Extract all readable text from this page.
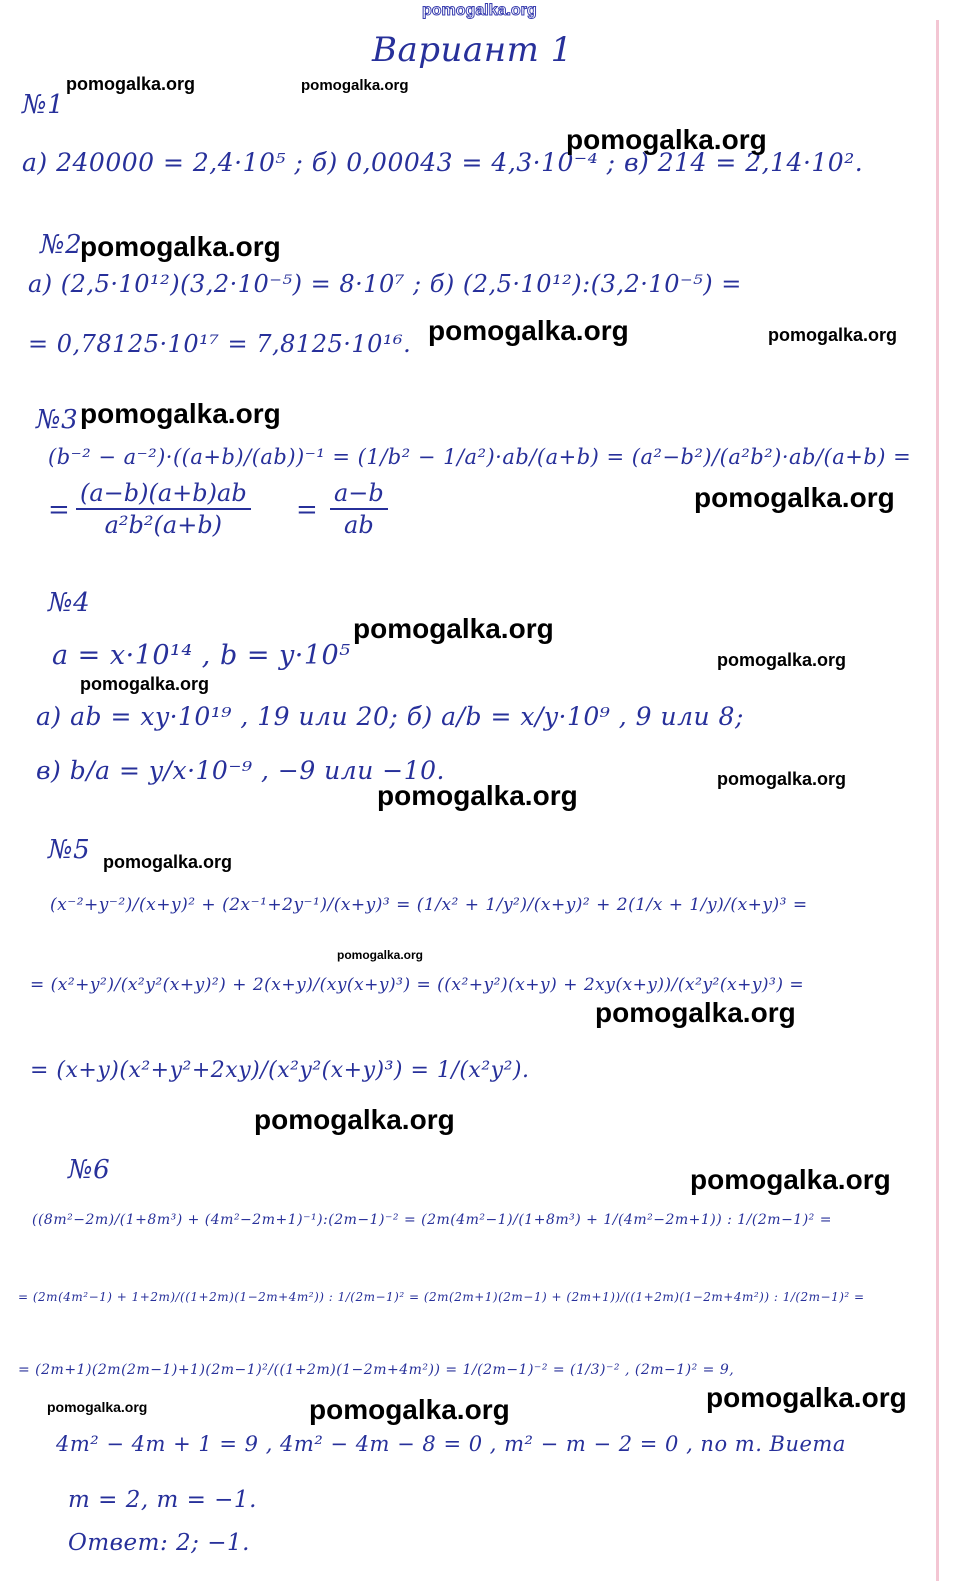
pomogalka.org
Вариант 1
№1
а) 240000 = 2,4·10⁵ ; б) 0,00043 = 4,3·10⁻⁴ ; в) 214 = 2,14·10².
№2
а) (2,5·10¹²)(3,2·10⁻⁵) = 8·10⁷ ; б) (2,5·10¹²):(3,2·10⁻⁵) =
= 0,78125·10¹⁷ = 7,8125·10¹⁶.
№3
(b⁻² − a⁻²)·((a+b)/(ab))⁻¹ = (1/b² − 1/a²)·ab/(a+b) = (a²−b²)/(a²b²)·ab/(a+b) =
= $\frac{(a-b)(a+b)ab}{\text{a²b²(a+b)}} = \frac{a-b}{ab}$
№4
a = x·10¹⁴ , b = y·10⁵
а) ab = xy·10¹⁹ , 19 или 20; б) a/b = x/y·10⁹ , 9 или 8;
в) b/a = y/x·10⁻⁹ , −9 или −10.
№5
(x⁻²+y⁻²)/(x+y)² + (2x⁻¹+2y⁻¹)/(x+y)³ = (1/x² + 1/y²)/(x+y)² + 2(1/x + 1/y)/(x+y)³ =
= (x²+y²)/(x²y²(x+y)²) + 2(x+y)/(xy(x+y)³) = ((x²+y²)(x+y) + 2xy(x+y))/(x²y²(x+y)³) =
= (x+y)(x²+y²+2xy)/(x²y²(x+y)³) = 1/(x²y²).
№6
((8m²−2m)/(1+8m³) + (4m²−2m+1)⁻¹):(2m−1)⁻² = (2m(4m²−1)/(1+8m³) + 1/(4m²−2m+1)) : 1/(2m−1)² =
= (2m(4m²−1) + 1+2m)/((1+2m)(1−2m+4m²)) : 1/(2m−1)² = (2m(2m+1)(2m−1) + (2m+1))/((1+2m)(1−2m+4m²)) : 1/(2m−1)² =
= (2m+1)(2m(2m−1)+1)(2m−1)²/((1+2m)(1−2m+4m²)) = 1/(2m−1)⁻² = (1/3)⁻² , (2m−1)² = 9,
4m² − 4m + 1 = 9 , 4m² − 4m − 8 = 0 , m² − m − 2 = 0 , по т. Виета
m = 2, m = −1.
Ответ: 2; −1.
pomogalka.org	pomogalka.org
pomogalka.org
pomogalka.org
pomogalka.org	pomogalka.org
pomogalka.org
pomogalka.org
pomogalka.org
pomogalka.org
pomogalka.org
pomogalka.org
pomogalka.org
pomogalka.org
pomogalka.org
pomogalka.org
pomogalka.org
pomogalka.org
pomogalka.org
pomogalka.org
pomogalka.org
